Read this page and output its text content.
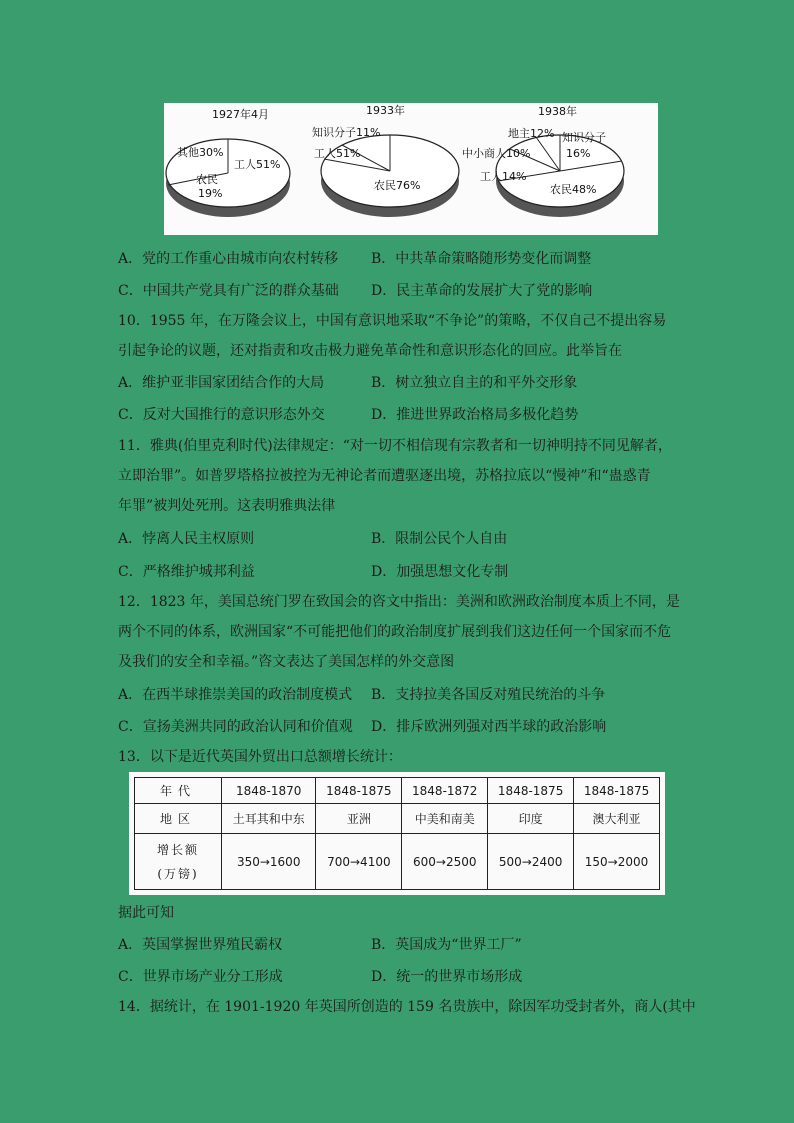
1927年4月
工人51%
其他30%
农民
19%
1933年
知识分子11%
工人51%
农民76%
1938年
地主12% 知识分子
16%
中小商人10%
工人14%
农民48%
A．党的工作重心由城市向农村转移 B．中共革命策略随形势变化而调整
C．中国共产党具有广泛的群众基础 D．民主革命的发展扩大了党的影响
10．1955 年，在万隆会议上，中国有意识地采取“不争论”的策略，不仅自己不提出容易
引起争论的议题，还对指责和攻击极力避免革命性和意识形态化的回应。此举旨在
A．维护亚非国家团结合作的大局	B．树立独立自主的和平外交形象
C．反对大国推行的意识形态外交	D．推进世界政治格局多极化趋势
11．雅典(伯里克利时代)法律规定：“对一切不相信现有宗教者和一切神明持不同见解者，
立即治罪”。如普罗塔格拉被控为无神论者而遭驱逐出境，苏格拉底以“慢神”和“蛊惑青
年罪”被判处死刑。这表明雅典法律
A．悖离人民主权原则	B．限制公民个人自由
C．严格维护城邦利益	D．加强思想文化专制
12．1823 年，美国总统门罗在致国会的咨文中指出：美洲和欧洲政治制度本质上不同，是
两个不同的体系，欧洲国家“不可能把他们的政治制度扩展到我们这边任何一个国家而不危
及我们的安全和幸福。”咨文表达了美国怎样的外交意图
A．在西半球推崇美国的政治制度模式 B．支持拉美各国反对殖民统治的斗争
C．宣扬美洲共同的政治认同和价值观 D．排斥欧洲列强对西半球的政治影响
13．以下是近代英国外贸出口总额增长统计：
年代	1848-1870	1848-1875	1848-1872	1848-1875	1848-1875
地区	土耳其和中东	亚洲	中美和南美	印度	澳大利亚

增长额
(万镑)	350→1600	700→4100	600→2500	500→2400	150→2000
据此可知
A．英国掌握世界殖民霸权	B．英国成为“世界工厂”
C．世界市场产业分工形成	D．统一的世界市场形成
14．据统计，在 1901-1920 年英国所创造的 159 名贵族中，除因军功受封者外，商人(其中
